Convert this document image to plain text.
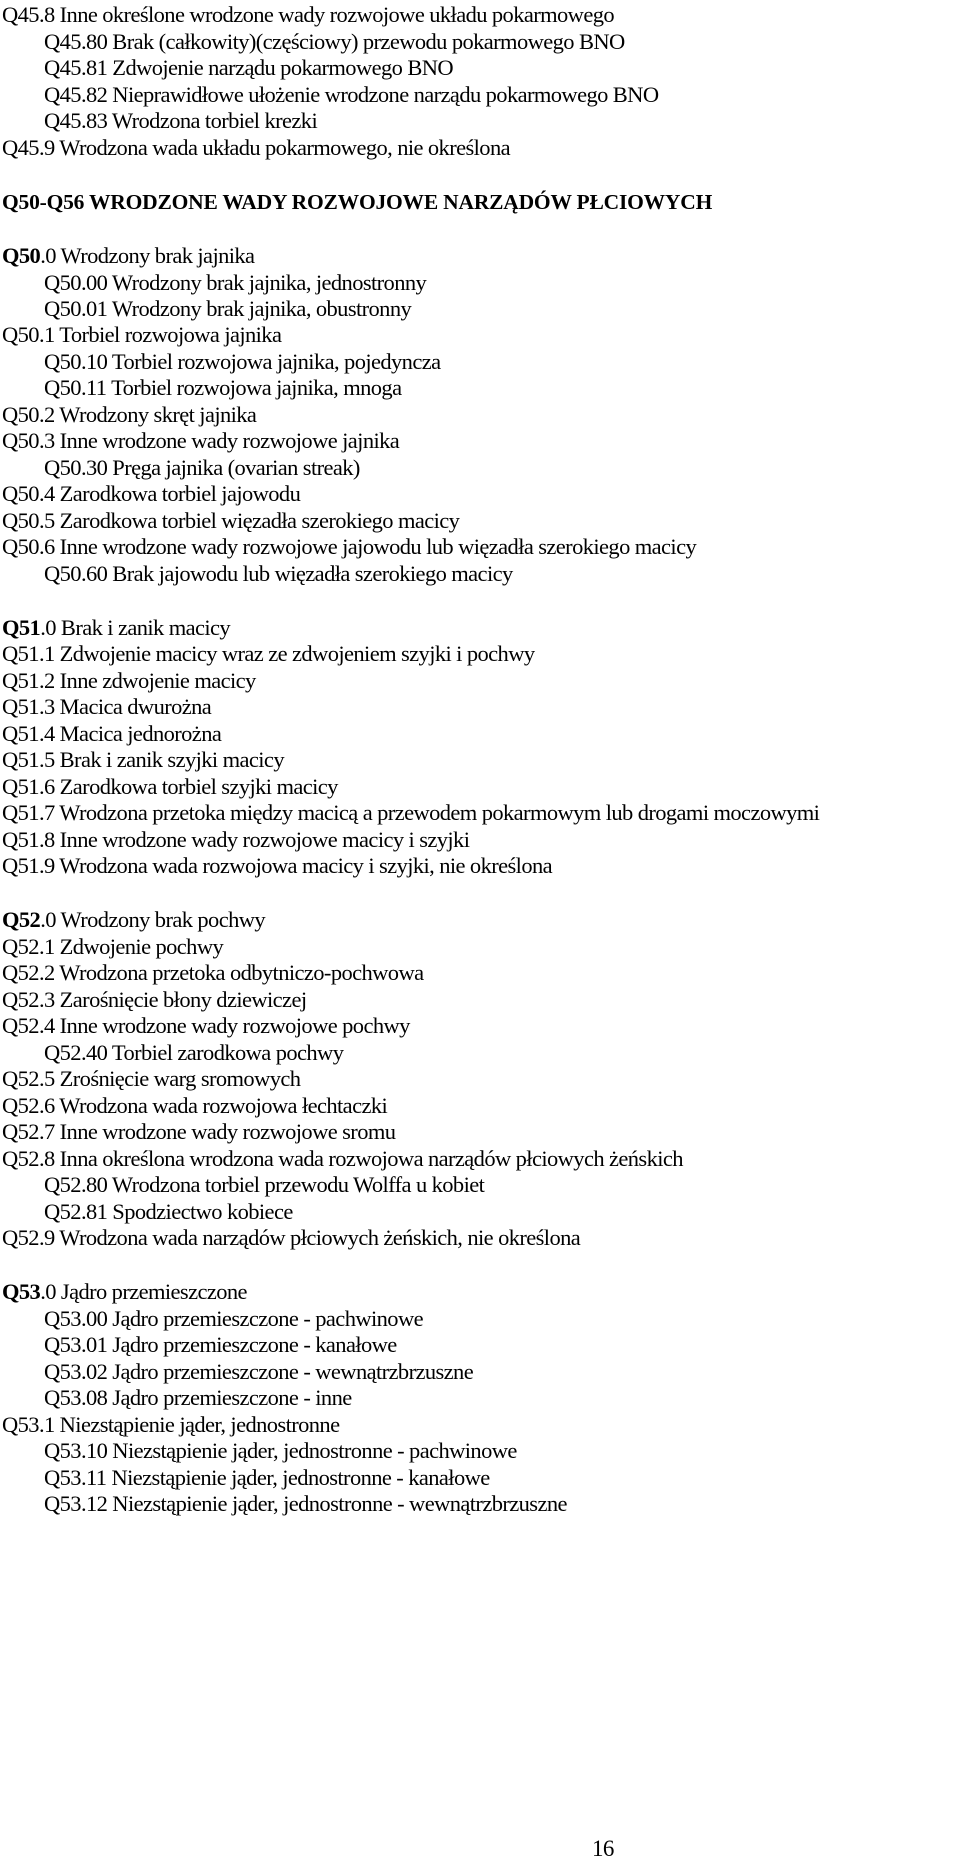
16
Q45.8 Inne określone wrodzone wady rozwojowe układu pokarmowego
Q45.80 Brak (całkowity)(częściowy) przewodu pokarmowego BNO
Q45.81 Zdwojenie narządu pokarmowego BNO
Q45.82 Nieprawidłowe ułożenie wrodzone narządu pokarmowego BNO
Q45.83 Wrodzona torbiel krezki
Q45.9 Wrodzona wada układu pokarmowego, nie określona
Q50-Q56 WRODZONE WADY ROZWOJOWE NARZĄDÓW PŁCIOWYCH
Q50.0 Wrodzony brak jajnika
Q50.00 Wrodzony brak jajnika, jednostronny
Q50.01 Wrodzony brak jajnika, obustronny
Q50.1 Torbiel rozwojowa jajnika
Q50.10 Torbiel rozwojowa jajnika, pojedyncza
Q50.11 Torbiel rozwojowa jajnika, mnoga
Q50.2 Wrodzony skręt jajnika
Q50.3 Inne wrodzone wady rozwojowe jajnika
Q50.30 Pręga jajnika (ovarian streak)
Q50.4 Zarodkowa torbiel jajowodu
Q50.5 Zarodkowa torbiel więzadła szerokiego macicy
Q50.6 Inne wrodzone wady rozwojowe jajowodu lub więzadła szerokiego macicy
Q50.60 Brak jajowodu lub więzadła szerokiego macicy
Q51.0 Brak i zanik macicy
Q51.1 Zdwojenie macicy wraz ze zdwojeniem szyjki i pochwy
Q51.2 Inne zdwojenie macicy
Q51.3 Macica dwurożna
Q51.4 Macica jednorożna
Q51.5 Brak i zanik szyjki macicy
Q51.6 Zarodkowa torbiel szyjki macicy
Q51.7 Wrodzona przetoka między macicą a przewodem pokarmowym lub drogami moczowymi
Q51.8 Inne wrodzone wady rozwojowe macicy i szyjki
Q51.9 Wrodzona wada rozwojowa macicy i szyjki, nie określona
Q52.0 Wrodzony brak pochwy
Q52.1 Zdwojenie pochwy
Q52.2 Wrodzona przetoka odbytniczo-pochwowa
Q52.3 Zarośnięcie błony dziewiczej
Q52.4 Inne wrodzone wady rozwojowe pochwy
Q52.40 Torbiel zarodkowa pochwy
Q52.5 Zrośnięcie warg sromowych
Q52.6 Wrodzona wada rozwojowa łechtaczki
Q52.7 Inne wrodzone wady rozwojowe sromu
Q52.8 Inna określona wrodzona wada rozwojowa narządów płciowych żeńskich
Q52.80 Wrodzona torbiel przewodu Wolffa u kobiet
Q52.81 Spodziectwo kobiece
Q52.9 Wrodzona wada narządów płciowych żeńskich, nie określona
Q53.0 Jądro przemieszczone
Q53.00 Jądro przemieszczone - pachwinowe
Q53.01 Jądro przemieszczone - kanałowe
Q53.02 Jądro przemieszczone - wewnątrzbrzuszne
Q53.08 Jądro przemieszczone - inne
Q53.1 Niezstąpienie jąder, jednostronne
Q53.10 Niezstąpienie jąder, jednostronne - pachwinowe
Q53.11 Niezstąpienie jąder, jednostronne - kanałowe
Q53.12 Niezstąpienie jąder, jednostronne - wewnątrzbrzuszne
